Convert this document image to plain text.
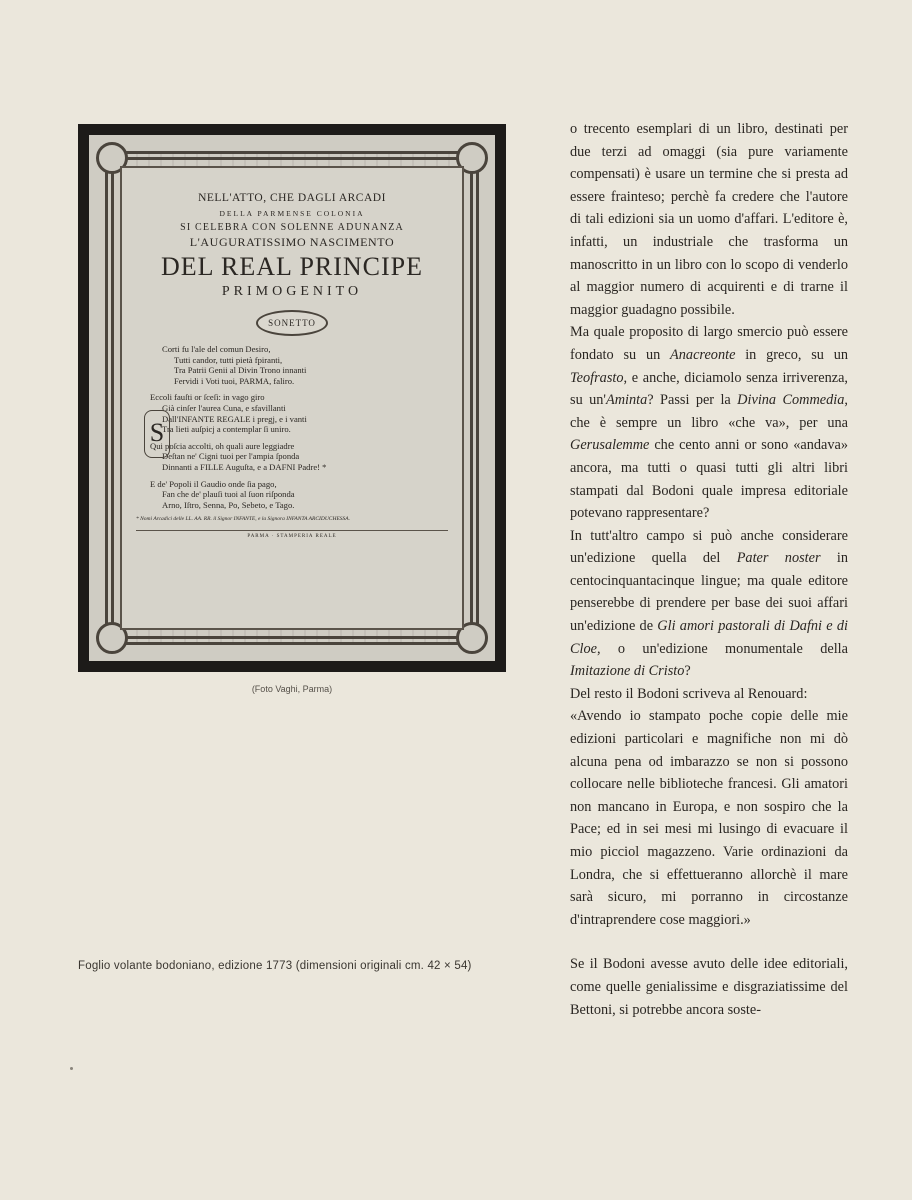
NELL'ATTO, CHE DAGLI ARCADI
DELLA PARMENSE COLONIA
SI CELEBRA CON SOLENNE ADUNANZA
L'AUGURATISSIMO NASCIMENTO
DEL REAL PRINCIPE
PRIMOGENITO
SONETTO
S
Corti fu l'ale del comun Desiro,
Tutti candor, tutti pietà fpiranti,
Tra Patrii Genii al Divin Trono innanti
Fervidi i Voti tuoi, PARMA, faliro.
Eccoli fauſti or ſceſi: in vago giro
Già cinſer l'aurea Cuna, e sfavillanti
Dall'INFANTE REGALE i pregj, e i vanti
Tra lieti auſpicj a contemplar ſi uniro.
Qui poſcia accolti, oh quali aure leggiadre
Deſtan ne' Cigni tuoi per l'ampia ſponda
Dinnanti a FILLE Auguſta, e a DAFNI Padre! *
E de' Popoli il Gaudio onde ſia pago,
Fan che de' plauſi tuoi al ſuon riſponda
Arno, Iſtro, Senna, Po, Sebeto, e Tago.
* Nomi Arcadici delle LL. AA. RR. il Signor INFANTE, e la Signora INFANTA ARCIDUCHESSA.
PARMA · STAMPERIA REALE
(Foto Vaghi, Parma)
Foglio volante bodoniano, edizione 1773 (dimensioni originali cm. 42 × 54)

o trecento esemplari di un libro, destinati per due terzi ad omaggi (sia pure variamente compensati) è usare un termine che si presta ad essere frainteso; perchè fa credere che l'autore di tali edizioni sia un uomo d'affari. L'editore è, infatti, un industriale che trasforma un manoscritto in un libro con lo scopo di venderlo al maggior numero di acquirenti e di trarne il maggior guadagno possibile.

Ma quale proposito di largo smercio può essere fondato su un Anacreonte in greco, su un Teofrasto, e anche, diciamolo senza irriverenza, su un'Aminta? Passi per la Divina Commedia, che è sempre un libro «che va», per una Gerusalemme che cento anni or sono «andava» ancora, ma tutti o quasi tutti gli altri libri stampati dal Bodoni quale impresa editoriale potevano rappresentare?

In tutt'altro campo si può anche considerare un'edizione quella del Pater noster in centocinquantacinque lingue; ma quale editore penserebbe di prendere per base dei suoi affari un'edizione de Gli amori pastorali di Dafni e di Cloe, o un'edizione monumentale della Imitazione di Cristo?

Del resto il Bodoni scriveva al Renouard:

«Avendo io stampato poche copie delle mie edizioni particolari e magnifiche non mi dò alcuna pena od imbarazzo se non si possono collocare nelle biblioteche francesi. Gli amatori non mancano in Europa, e non sospiro che la Pace; ed in sei mesi mi lusingo di evacuare il mio picciol magazzeno. Varie ordinazioni da Londra, che si effettueranno allorchè il mare sarà sicuro, mi porranno in circostanze d'intraprendere cose maggiori.»

Se il Bodoni avesse avuto delle idee editoriali, come quelle genialissime e disgraziatissime del Bettoni, si potrebbe ancora soste-
